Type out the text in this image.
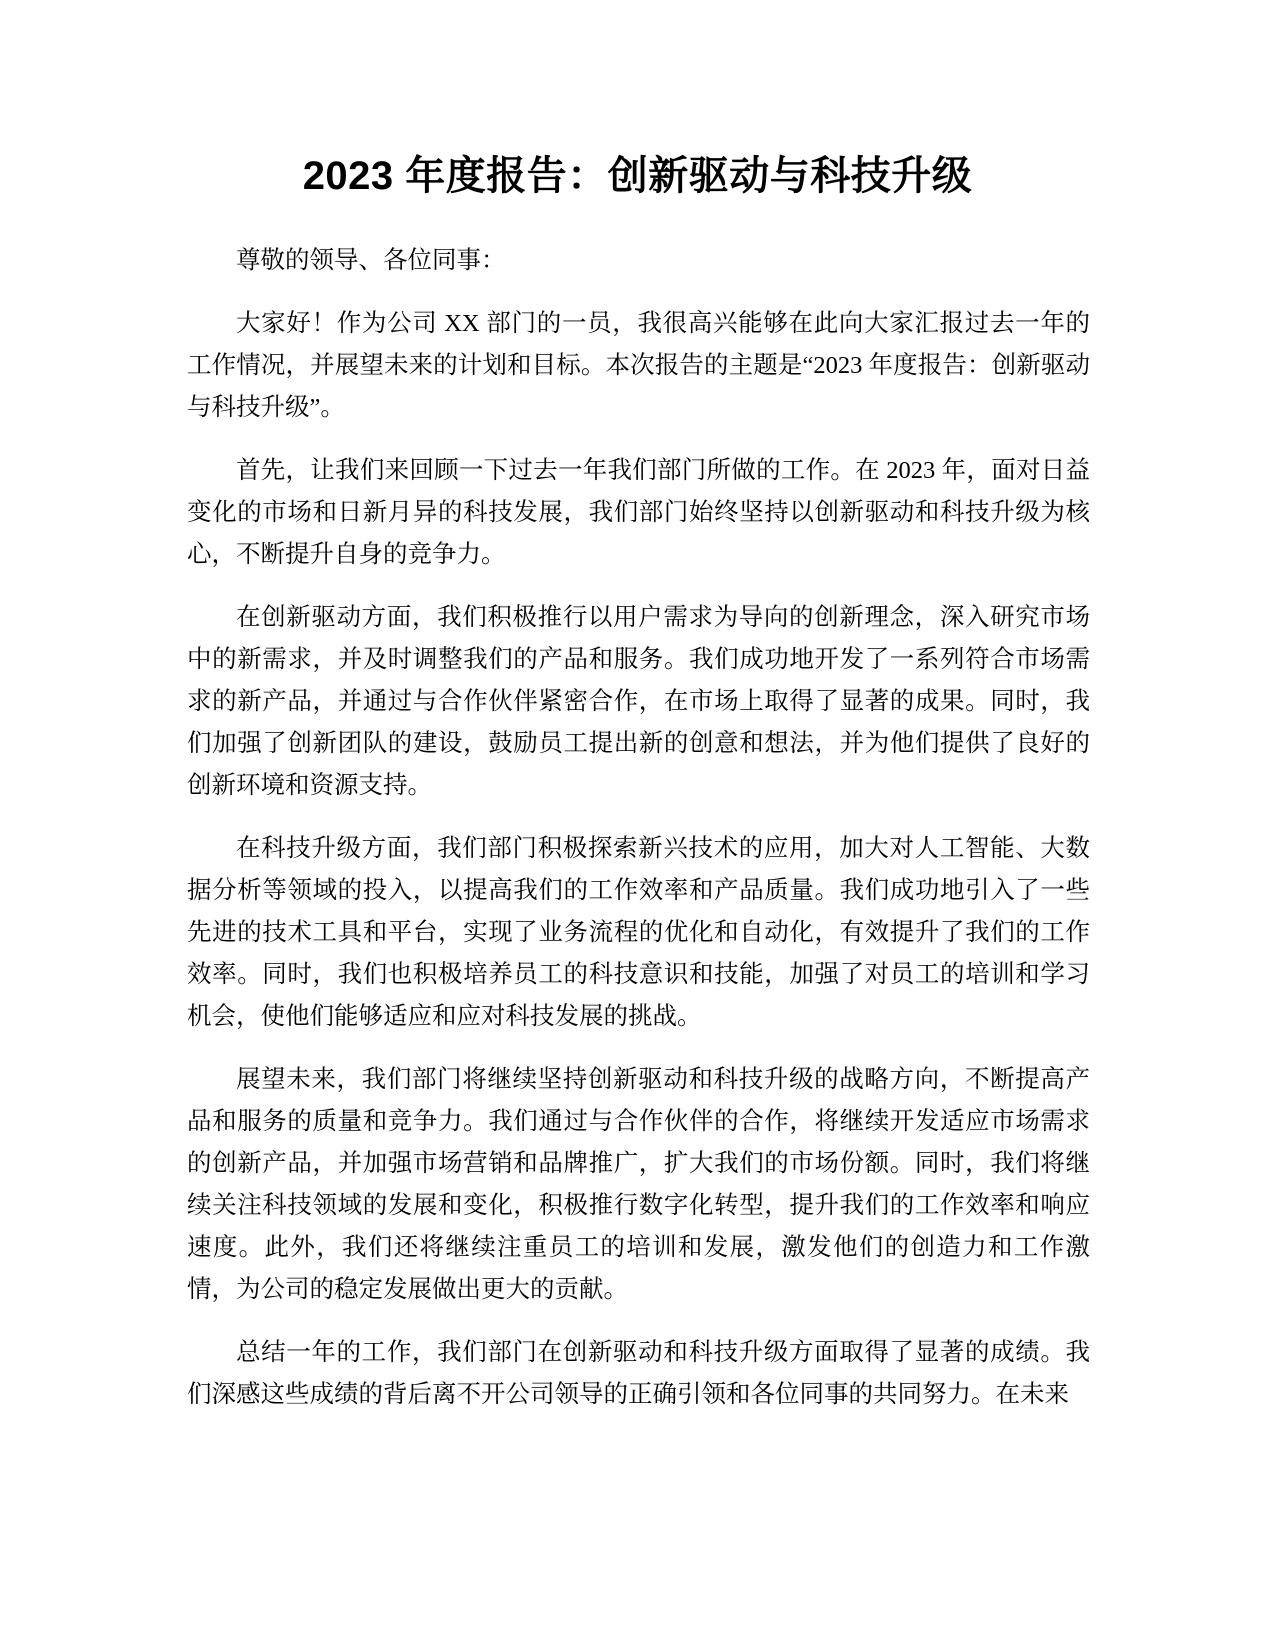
2023 年度报告：创新驱动与科技升级

尊敬的领导、各位同事：

大家好！作为公司 XX 部门的一员，我很高兴能够在此向大家汇报过去一年的工作情况，并展望未来的计划和目标。本次报告的主题是“2023 年度报告：创新驱动与科技升级”。

首先，让我们来回顾一下过去一年我们部门所做的工作。在 2023 年，面对日益变化的市场和日新月异的科技发展，我们部门始终坚持以创新驱动和科技升级为核心，不断提升自身的竞争力。

在创新驱动方面，我们积极推行以用户需求为导向的创新理念，深入研究市场中的新需求，并及时调整我们的产品和服务。我们成功地开发了一系列符合市场需求的新产品，并通过与合作伙伴紧密合作，在市场上取得了显著的成果。同时，我们加强了创新团队的建设，鼓励员工提出新的创意和想法，并为他们提供了良好的创新环境和资源支持。

在科技升级方面，我们部门积极探索新兴技术的应用，加大对人工智能、大数据分析等领域的投入，以提高我们的工作效率和产品质量。我们成功地引入了一些先进的技术工具和平台，实现了业务流程的优化和自动化，有效提升了我们的工作效率。同时，我们也积极培养员工的科技意识和技能，加强了对员工的培训和学习机会，使他们能够适应和应对科技发展的挑战。

展望未来，我们部门将继续坚持创新驱动和科技升级的战略方向，不断提高产品和服务的质量和竞争力。我们通过与合作伙伴的合作，将继续开发适应市场需求的创新产品，并加强市场营销和品牌推广，扩大我们的市场份额。同时，我们将继续关注科技领域的发展和变化，积极推行数字化转型，提升我们的工作效率和响应速度。此外，我们还将继续注重员工的培训和发展，激发他们的创造力和工作激情，为公司的稳定发展做出更大的贡献。

总结一年的工作，我们部门在创新驱动和科技升级方面取得了显著的成绩。我们深感这些成绩的背后离不开公司领导的正确引领和各位同事的共同努力。在未来
